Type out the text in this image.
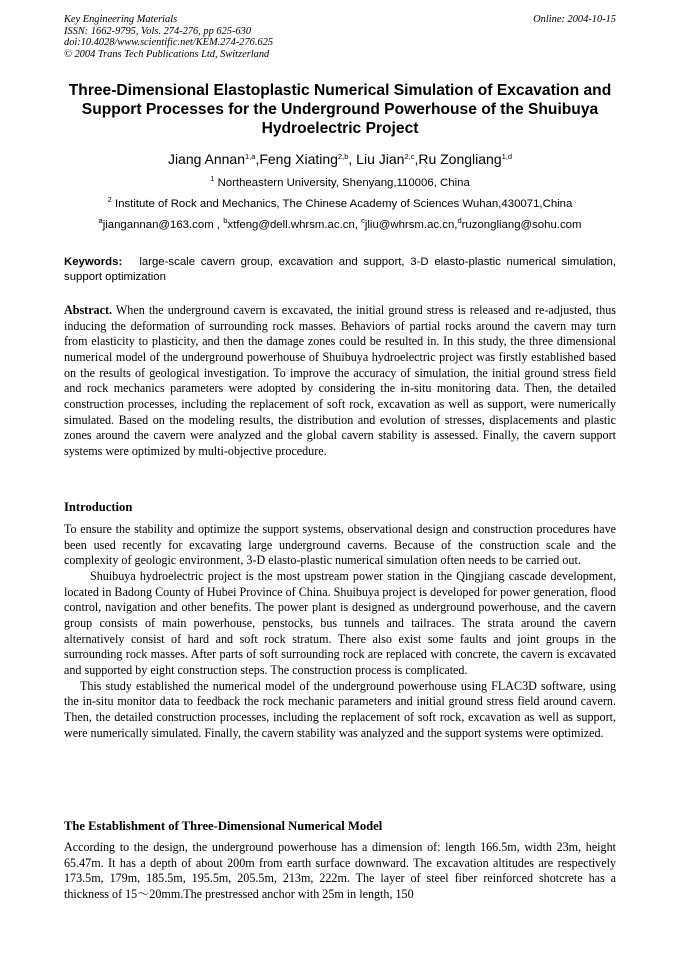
Key Engineering Materials
ISSN: 1662-9795, Vols. 274-276, pp 625-630
doi:10.4028/www.scientific.net/KEM.274-276.625
© 2004 Trans Tech Publications Ltd, Switzerland
Online: 2004-10-15
Three-Dimensional Elastoplastic Numerical Simulation of Excavation and Support Processes for the Underground Powerhouse of the Shuibuya Hydroelectric Project
Jiang Annan$^{1,a}$,Feng Xiating$^{2,b}$, Liu Jian$^{2,c}$,Ru Zongliang$^{1,d}$
$^1$ Northeastern University, Shenyang,110006, China
$^2$ Institute of Rock and Mechanics, The Chinese Academy of Sciences Wuhan,430071,China
$^a$jiangannan@163.com , $^b$xtfeng@dell.whrsm.ac.cn, $^c$jliu@whrsm.ac.cn,$^d$ruzongliang@sohu.com
Keywords: large-scale cavern group, excavation and support, 3-D elasto-plastic numerical simulation, support optimization
Abstract. When the underground cavern is excavated, the initial ground stress is released and re-adjusted, thus inducing the deformation of surrounding rock masses. Behaviors of partial rocks around the cavern may turn from elasticity to plasticity, and then the damage zones could be resulted in. In this study, the three dimensional numerical model of the underground powerhouse of Shuibuya hydroelectric project was firstly established based on the results of geological investigation. To improve the accuracy of simulation, the initial ground stress field and rock mechanics parameters were adopted by considering the in-situ monitoring data. Then, the detailed construction processes, including the replacement of soft rock, excavation as well as support, were numerically simulated. Based on the modeling results, the distribution and evolution of stresses, displacements and plastic zones around the cavern were analyzed and the global cavern stability is assessed. Finally, the cavern support systems were optimized by multi-objective procedure.
Introduction

To ensure the stability and optimize the support systems, observational design and construction procedures have been used recently for excavating large underground caverns. Because of the construction scale and the complexity of geologic environment, 3-D elasto-plastic numerical simulation often needs to be carried out.

Shuibuya hydroelectric project is the most upstream power station in the Qingjiang cascade development, located in Badong County of Hubei Province of China. Shuibuya project is developed for power generation, flood control, navigation and other benefits. The power plant is designed as underground powerhouse, and the cavern group consists of main powerhouse, penstocks, bus tunnels and tailraces. The strata around the cavern alternatively consist of hard and soft rock stratum. There also exist some faults and joint groups in the surrounding rock masses. After parts of soft surrounding rock are replaced with concrete, the cavern is excavated and supported by eight construction steps. The construction process is complicated.

This study established the numerical model of the underground powerhouse using FLAC3D software, using the in-situ monitor data to feedback the rock mechanic parameters and initial ground stress field around cavern. Then, the detailed construction processes, including the replacement of soft rock, excavation as well as support, were numerically simulated. Finally, the cavern stability was analyzed and the support systems were optimized.

The Establishment of Three-Dimensional Numerical Model

According to the design, the underground powerhouse has a dimension of: length 166.5m, width 23m, height 65.47m. It has a depth of about 200m from earth surface downward. The excavation altitudes are respectively 173.5m, 179m, 185.5m, 195.5m, 205.5m, 213m, 222m. The layer of steel fiber reinforced shotcrete has a thickness of 15～20mm.The prestressed anchor with 25m in length, 150
